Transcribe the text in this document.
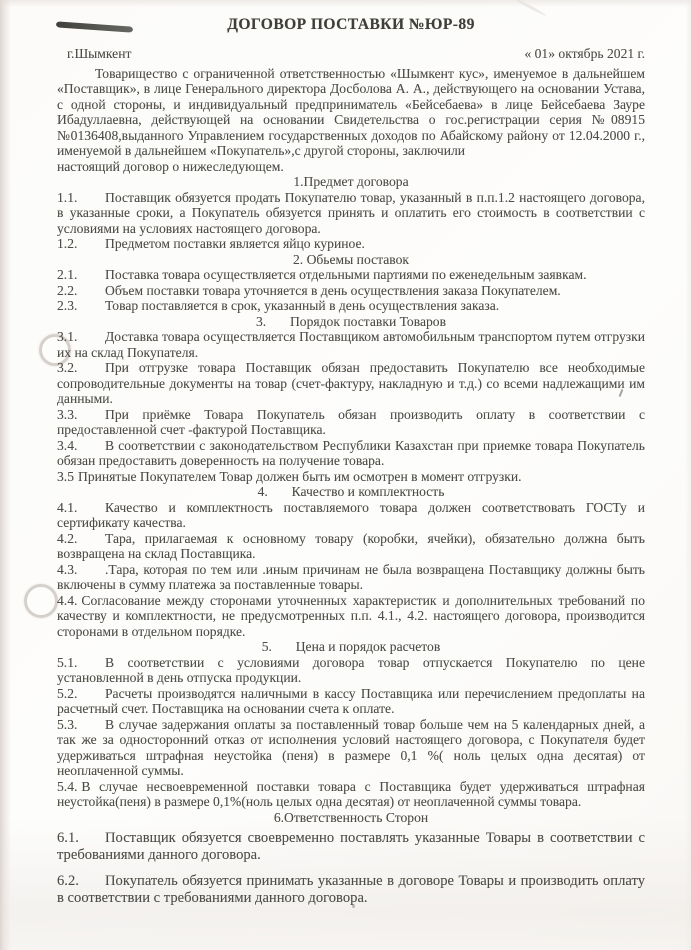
ДОГОВОР ПОСТАВКИ №ЮР-89
г.Шымкент	« 01» октябрь 2021 г.

Товарищество с ограниченной ответственностью «Шымкент кус», именуемое в дальнейшем «Поставщик», в лице Генерального директора Досболова А. А., действующего на основании Устава, с одной стороны, и индивидуальный предприниматель «Бейсебаева» в лице Бейсебаева Зауре Ибадуллаевна, действующей на основании Свидетельства о гос.регистрации серия №08915 №0136408,выданного Управлением государственных доходов по Абайскому району от 12.04.2000 г., именуемой в дальнейшем «Покупатель»,с другой стороны, заключили

настоящий договор о нижеследующем.

1.Предмет договора

1.1. Поставщик обязуется продать Покупателю товар, указанный в п.п.1.2 настоящего договора, в указанные сроки, а Покупатель обязуется принять и оплатить его стоимость в соответствии с условиями на условиях настоящего договора.

1.2. Предметом поставки является яйцо куриное.

2. Обьемы поставок

2.1. Поставка товара осуществляется отдельными партиями по еженедельным заявкам.

2.2. Объем поставки товара уточняется в день осуществления заказа Покупателем.

2.3. Товар поставляется в срок, указанный в день осуществления заказа.

3.       Порядок поставки Товаров

3.1. Доставка товара осуществляется Поставщиком автомобильным транспортом путем отгрузки их на склад Покупателя.

3.2. При отгрузке товара Поставщик обязан предоставить Покупателю все необходимые сопроводительные документы на товар (счет-фактуру, накладную и т.д.) со всеми надлежащими им данными.

3.3. При приёмке Товара Покупатель обязан производить оплату в соответствии с предоставленной счет -фактурой Поставщика.

3.4. В соответствии с законодательством Республики Казахстан при приемке товара Покупатель обязан предоставить доверенность на получение товара.

3.5 Принятые Покупателем Товар должен быть им осмотрен в момент отгрузки.

4.       Качество и комплектность

4.1. Качество и комплектность поставляемого товара должен соответствовать ГОСТу и сертификату качества.

4.2. Тара, прилагаемая к основному товару (коробки, ячейки), обязательно должна быть возвращена на склад Поставщика.

4.3. .Тара, которая по тем или .иным причинам не была возвращена Поставщику должны быть включены в сумму платежа за поставленные товары.

4.4. Согласование между сторонами уточненных характеристик и дополнительных требований по качеству и комплектности, не предусмотренных п.п. 4.1., 4.2. настоящего договора, производится сторонами в отдельном порядке.

5.       Цена и порядок расчетов

5.1. В соответствии с условиями договора товар отпускается Покупателю по цене установленной в день отпуска продукции.

5.2. Расчеты производятся наличными в кассу Поставщика или перечислением предоплаты на расчетный счет. Поставщика на основании счета к оплате.

5.3. В случае задержания оплаты за поставленный товар больше чем на 5 календарных дней, а так же за односторонний отказ от исполнения условий настоящего договора, с Покупателя будет удерживаться штрафная неустойка (пеня) в размере 0,1 %( ноль целых одна десятая) от неоплаченной суммы.

5.4. В случае несвоевременной поставки товара с Поставщика будет удерживаться штрафная неустойка(пеня) в размере 0,1%(ноль целых одна десятая) от неоплаченной суммы товара.

6.Ответственность Сторон

6.1. Поставщик обязуется своевременно поставлять указанные Товары в соответствии с требованиями данного договора.

6.2. Покупатель обязуется принимать указанные в договоре Товары и производить оплату в соответствии с требованиями данного договора.
